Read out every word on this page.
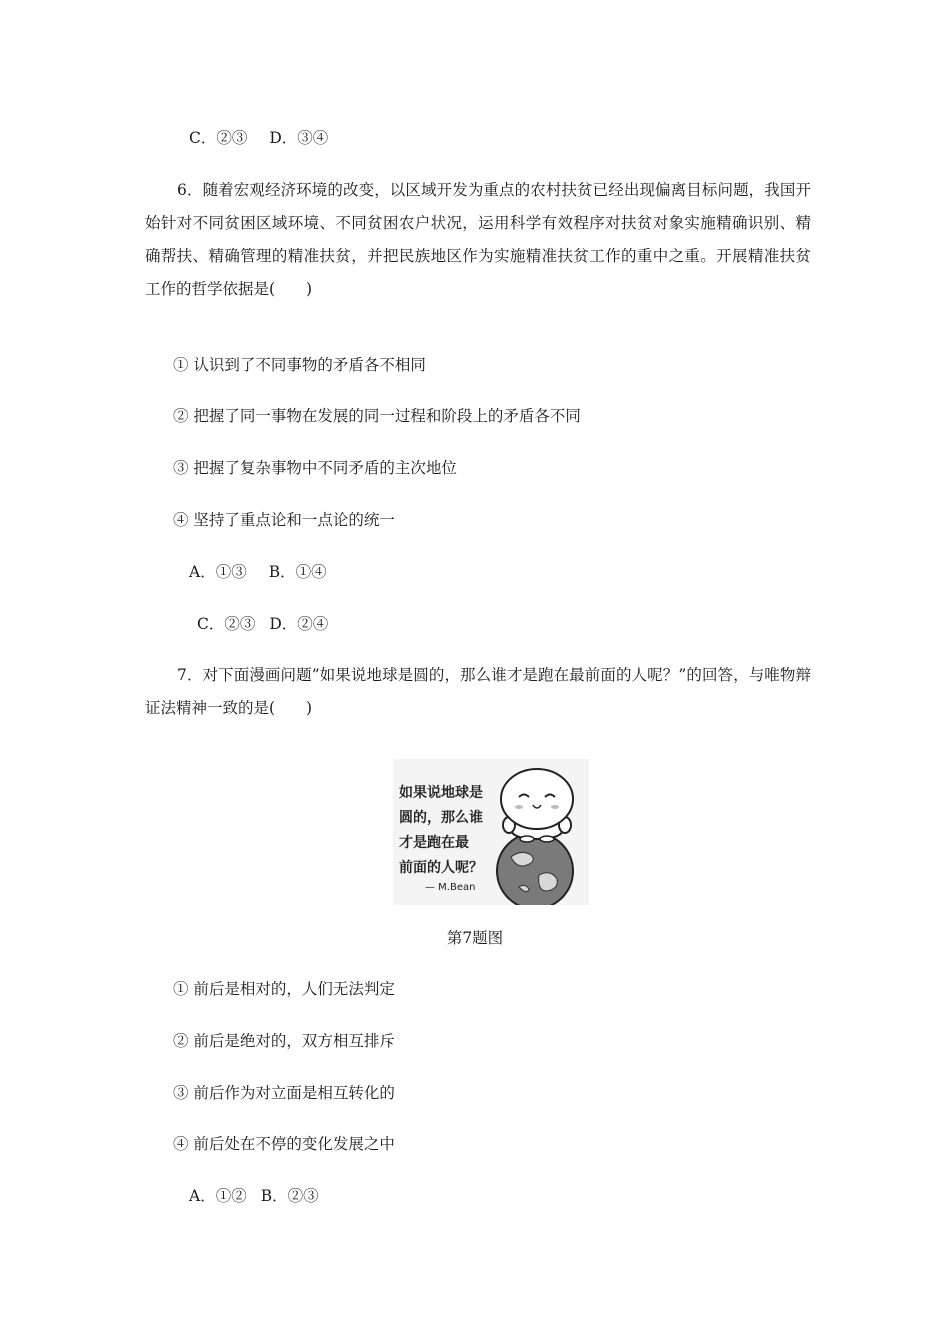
C．②③ D．③④
6．随着宏观经济环境的改变，以区域开发为重点的农村扶贫已经出现偏离目标问题，我国开始针对不同贫困区域环境、不同贫困农户状况，运用科学有效程序对扶贫对象实施精确识别、精确帮扶、精确管理的精准扶贫，并把民族地区作为实施精准扶贫工作的重中之重。开展精准扶贫工作的哲学依据是(　　)
① 认识到了不同事物的矛盾各不相同
② 把握了同一事物在发展的同一过程和阶段上的矛盾各不同
③ 把握了复杂事物中不同矛盾的主次地位
④ 坚持了重点论和一点论的统一
A．①③ B．①④
C．②③ D．②④
7．对下面漫画问题”如果说地球是圆的，那么谁才是跑在最前面的人呢？”的回答，与唯物辩证法精神一致的是(　　)
如果说地球是
圆的，那么谁
才是跑在最
前面的人呢？
— M.Bean
第7题图
① 前后是相对的，人们无法判定
② 前后是绝对的，双方相互排斥
③ 前后作为对立面是相互转化的
④ 前后处在不停的变化发展之中
A．①② B．②③
